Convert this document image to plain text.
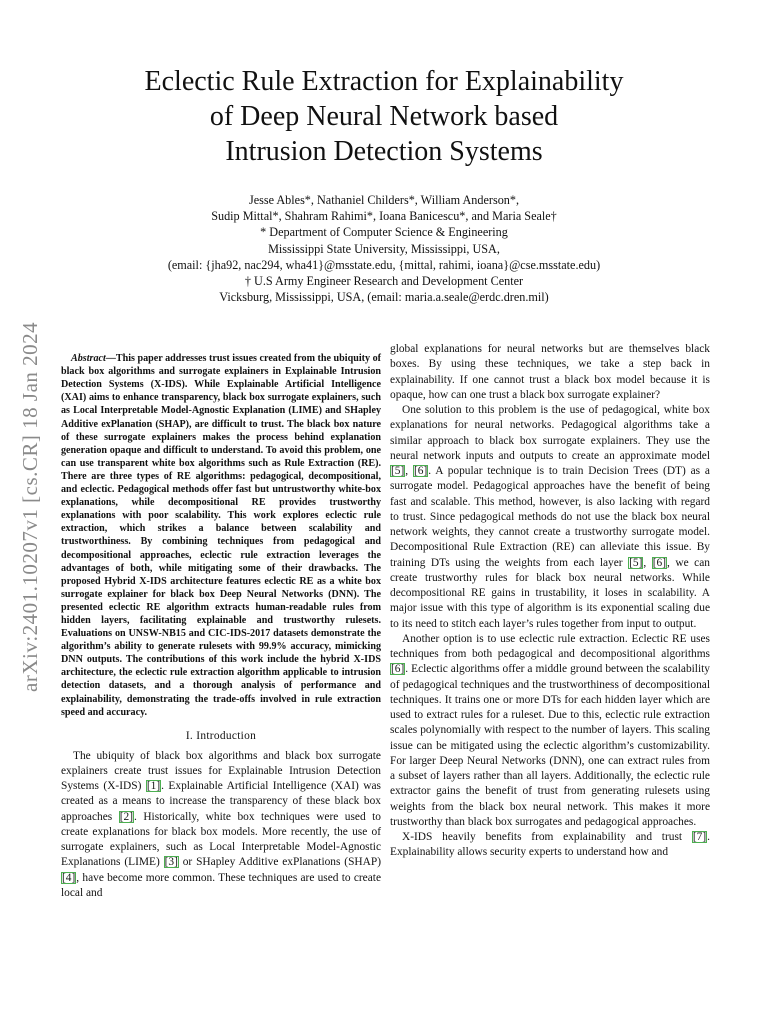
arXiv:2401.10207v1 [cs.CR] 18 Jan 2024
Eclectic Rule Extraction for Explainability
of Deep Neural Network based
Intrusion Detection Systems
Jesse Ables*, Nathaniel Childers*, William Anderson*,
Sudip Mittal*, Shahram Rahimi*, Ioana Banicescu*, and Maria Seale†
* Department of Computer Science & Engineering
Mississippi State University, Mississippi, USA,
(email: {jha92, nac294, wha41}@msstate.edu, {mittal, rahimi, ioana}@cse.msstate.edu)
† U.S Army Engineer Research and Development Center
Vicksburg, Mississippi, USA, (email: maria.a.seale@erdc.dren.mil)

Abstract—This paper addresses trust issues created from the ubiquity of black box algorithms and surrogate explainers in Explainable Intrusion Detection Systems (X-IDS). While Explainable Artificial Intelligence (XAI) aims to enhance transparency, black box surrogate explainers, such as Local Interpretable Model-Agnostic Explanation (LIME) and SHapley Additive exPlanation (SHAP), are difficult to trust. The black box nature of these surrogate explainers makes the process behind explanation generation opaque and difficult to understand. To avoid this problem, one can use transparent white box algorithms such as Rule Extraction (RE). There are three types of RE algorithms: pedagogical, decompositional, and eclectic. Pedagogical methods offer fast but untrustworthy white-box explanations, while decompositional RE provides trustworthy explanations with poor scalability. This work explores eclectic rule extraction, which strikes a balance between scalability and trustworthiness. By combining techniques from pedagogical and decompositional approaches, eclectic rule extraction leverages the advantages of both, while mitigating some of their drawbacks. The proposed Hybrid X-IDS architecture features eclectic RE as a white box surrogate explainer for black box Deep Neural Networks (DNN). The presented eclectic RE algorithm extracts human-readable rules from hidden layers, facilitating explainable and trustworthy rulesets. Evaluations on UNSW-NB15 and CIC-IDS-2017 datasets demonstrate the algorithm’s ability to generate rulesets with 99.9% accuracy, mimicking DNN outputs. The contributions of this work include the hybrid X-IDS architecture, the eclectic rule extraction algorithm applicable to intrusion detection datasets, and a thorough analysis of performance and explainability, demonstrating the trade-offs involved in rule extraction speed and accuracy.

I. Introduction

The ubiquity of black box algorithms and black box surrogate explainers create trust issues for Explainable Intrusion Detection Systems (X-IDS) [1]. Explainable Artificial Intelligence (XAI) was created as a means to increase the transparency of these black box approaches [2]. Historically, white box techniques were used to create explanations for black box models. More recently, the use of surrogate explainers, such as Local Interpretable Model-Agnostic Explanations (LIME) [3] or SHapley Additive exPlanations (SHAP) [4], have become more common. These techniques are used to create local and

global explanations for neural networks but are themselves black boxes. By using these techniques, we take a step back in explainability. If one cannot trust a black box model because it is opaque, how can one trust a black box surrogate explainer?

One solution to this problem is the use of pedagogical, white box explanations for neural networks. Pedagogical algorithms take a similar approach to black box surrogate explainers. They use the neural network inputs and outputs to create an approximate model [5], [6]. A popular technique is to train Decision Trees (DT) as a surrogate model. Pedagogical approaches have the benefit of being fast and scalable. This method, however, is also lacking with regard to trust. Since pedagogical methods do not use the black box neural network weights, they cannot create a trustworthy surrogate model. Decompositional Rule Extraction (RE) can alleviate this issue. By training DTs using the weights from each layer [5], [6], we can create trustworthy rules for black box neural networks. While decompositional RE gains in trustability, it loses in scalability. A major issue with this type of algorithm is its exponential scaling due to its need to stitch each layer’s rules together from input to output.

Another option is to use eclectic rule extraction. Eclectic RE uses techniques from both pedagogical and decompositional algorithms [6]. Eclectic algorithms offer a middle ground between the scalability of pedagogical techniques and the trustworthiness of decompositional techniques. It trains one or more DTs for each hidden layer which are used to extract rules for a ruleset. Due to this, eclectic rule extraction scales polynomially with respect to the number of layers. This scaling issue can be mitigated using the eclectic algorithm’s customizability. For larger Deep Neural Networks (DNN), one can extract rules from a subset of layers rather than all layers. Additionally, the eclectic rule extractor gains the benefit of trust from generating rulesets using weights from the black box neural network. This makes it more trustworthy than black box surrogates and pedagogical approaches.

X-IDS heavily benefits from explainability and trust [7]. Explainability allows security experts to understand how and
